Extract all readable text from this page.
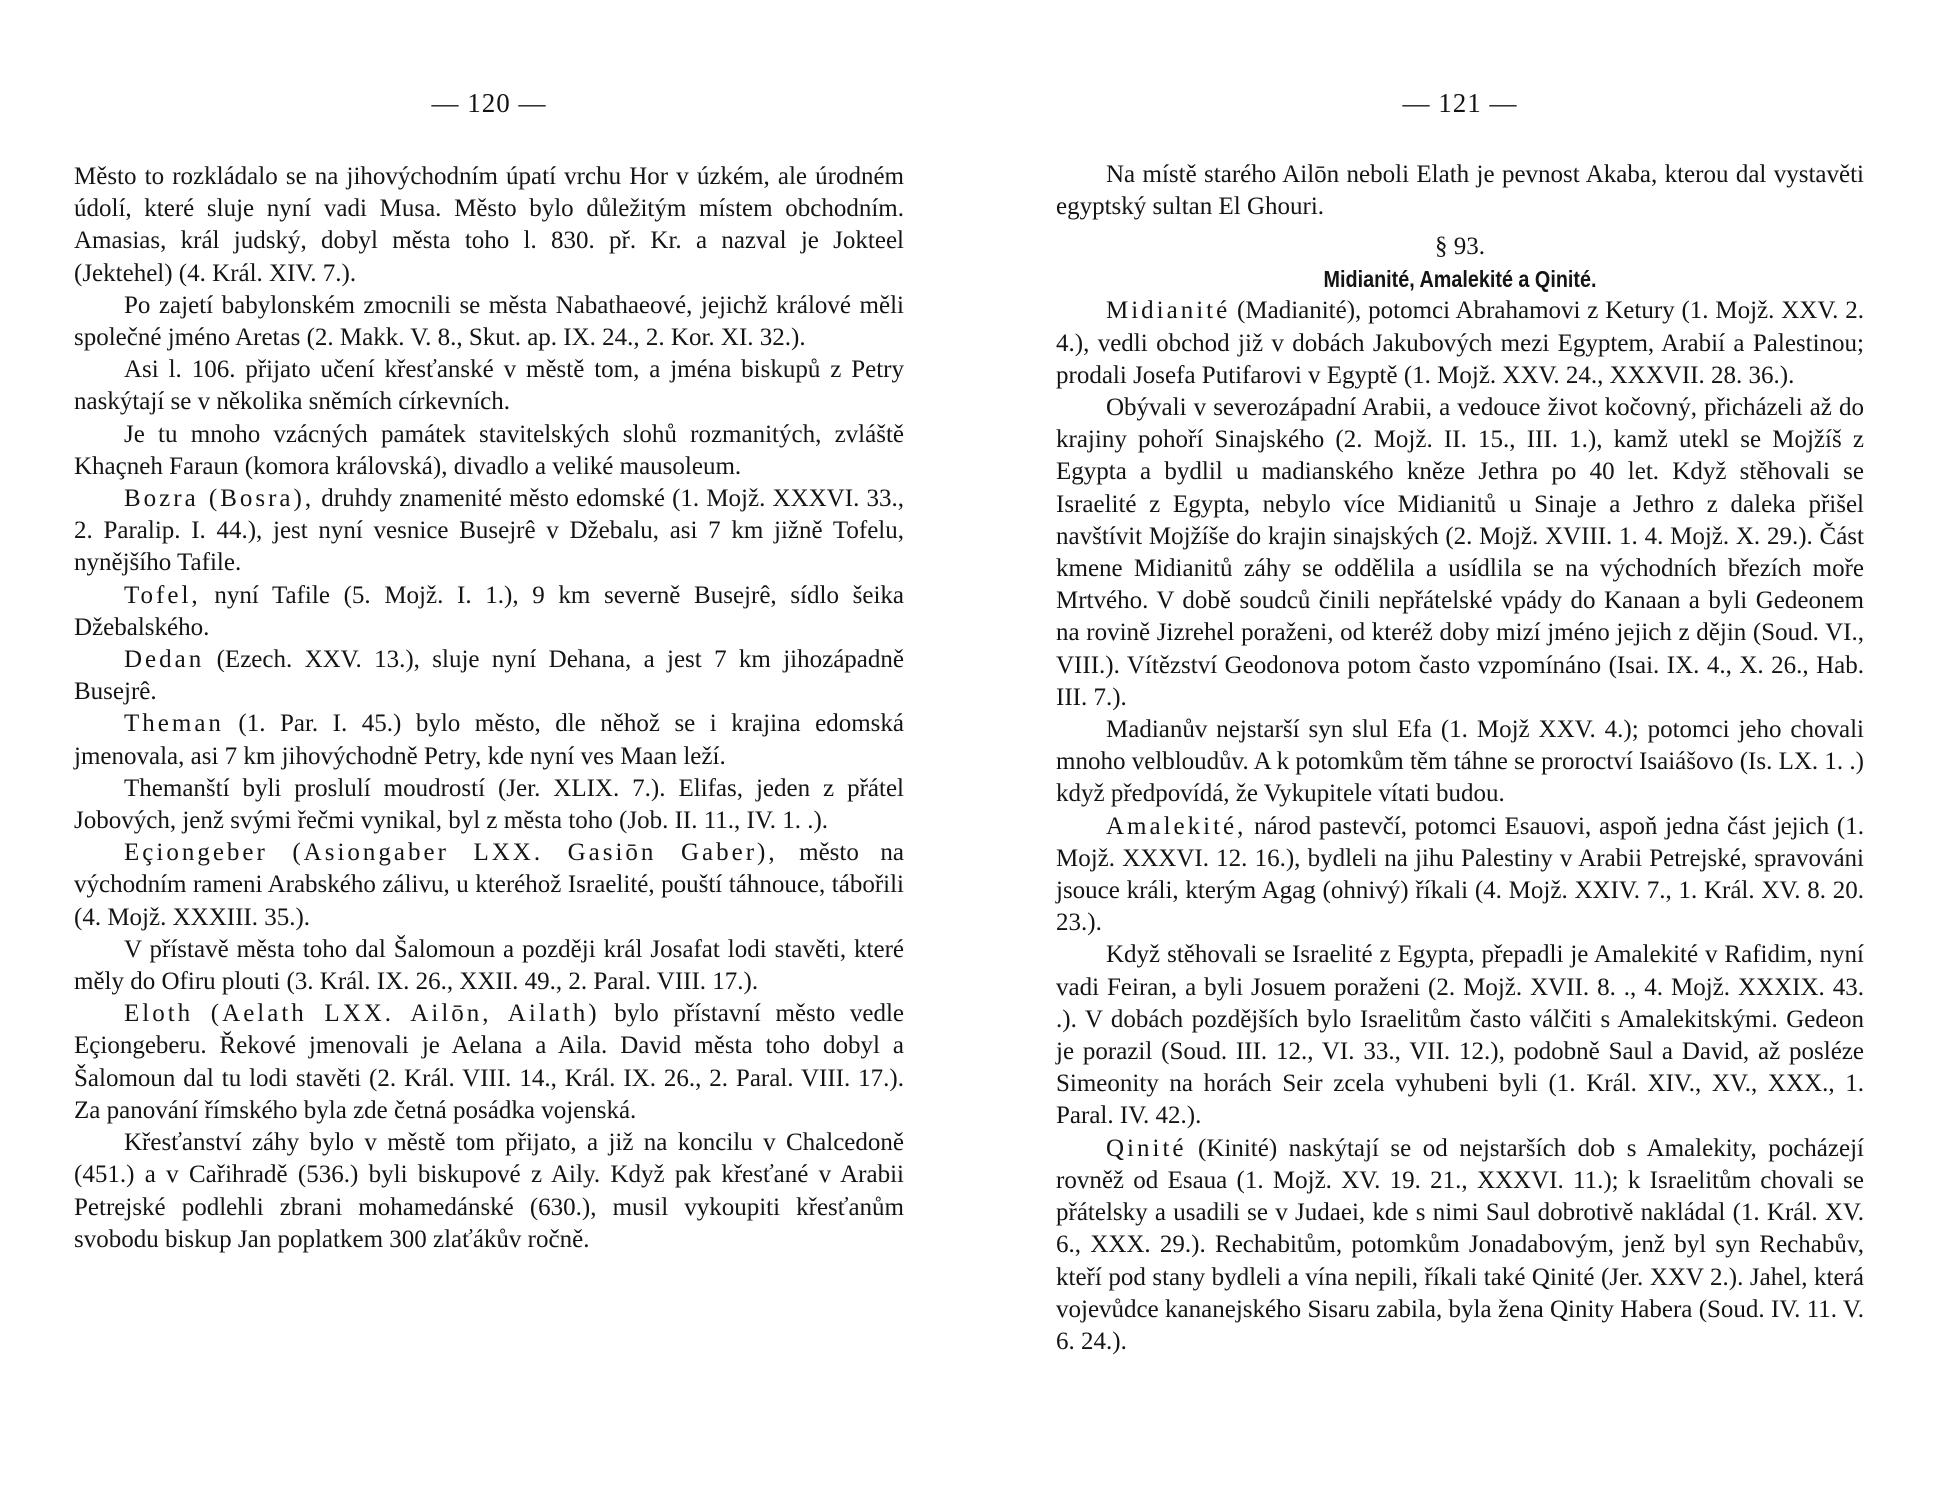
— 120 —

Město to rozkládalo se na jihovýchodním úpatí vrchu Hor v úzkém, ale úrodném údolí, které sluje nyní vadi Musa. Město bylo důležitým místem obchodním. Amasias, král judský, dobyl města toho l. 830. př. Kr. a nazval je Jokteel (Jektehel) (4. Král. XIV. 7.).

Po zajetí babylonském zmocnili se města Nabathaeové, jejichž králové měli společné jméno Aretas (2. Makk. V. 8., Skut. ap. IX. 24., 2. Kor. XI. 32.).

Asi l. 106. přijato učení křesťanské v městě tom, a jména biskupů z Petry naskýtají se v několika sněmích církevních.

Je tu mnoho vzácných památek stavitelských slohů rozmanitých, zvláště Khaçneh Faraun (komora královská), divadlo a veliké mausoleum.

Bozra (Bosra), druhdy znamenité město edomské (1. Mojž. XXXVI. 33., 2. Paralip. I. 44.), jest nyní vesnice Busejrê v Džebalu, asi 7 km jižně Tofelu, nynějšího Tafile.

Tofel, nyní Tafile (5. Mojž. I. 1.), 9 km severně Busejrê, sídlo šeika Džebalského.

Dedan (Ezech. XXV. 13.), sluje nyní Dehana, a jest 7 km jihozápadně Busejrê.

Theman (1. Par. I. 45.) bylo město, dle něhož se i krajina edomská jmenovala, asi 7 km jihovýchodně Petry, kde nyní ves Maan leží.

Themanští byli proslulí moudrostí (Jer. XLIX. 7.). Elifas, jeden z přátel Jobových, jenž svými řečmi vynikal, byl z města toho (Job. II. 11., IV. 1. .).

Eçiongeber (Asiongaber LXX. Gasiōn Gaber), město na východním rameni Arabského zálivu, u kteréhož Israelité, pouští táhnouce, tábořili (4. Mojž. XXXIII. 35.).

V přístavě města toho dal Šalomoun a později král Josafat lodi stavěti, které měly do Ofiru plouti (3. Král. IX. 26., XXII. 49., 2. Paral. VIII. 17.).

Eloth (Aelath LXX. Ailōn, Ailath) bylo přístavní město vedle Eçiongeberu. Řekové jmenovali je Aelana a Aila. David města toho dobyl a Šalomoun dal tu lodi stavěti (2. Král. VIII. 14., Král. IX. 26., 2. Paral. VIII. 17.). Za panování římského byla zde četná posádka vojenská.

Křesťanství záhy bylo v městě tom přijato, a již na koncilu v Chalcedoně (451.) a v Cařihradě (536.) byli biskupové z Aily. Když pak křesťané v Arabii Petrejské podlehli zbrani mohamedánské (630.), musil vykoupiti křesťanům svobodu biskup Jan poplatkem 300 zlaťákův ročně.

— 121 —

Na místě starého Ailōn neboli Elath je pevnost Akaba, kterou dal vystavěti egyptský sultan El Ghouri.

§ 93.
Midianité, Amalekité a Qinité.

Midianité (Madianité), potomci Abrahamovi z Ketury (1. Mojž. XXV. 2. 4.), vedli obchod již v dobách Jakubových mezi Egyptem, Arabií a Palestinou; prodali Josefa Putifarovi v Egyptě (1. Mojž. XXV. 24., XXXVII. 28. 36.).

Obývali v severozápadní Arabii, a vedouce život kočovný, přicházeli až do krajiny pohoří Sinajského (2. Mojž. II. 15., III. 1.), kamž utekl se Mojžíš z Egypta a bydlil u madianského kněze Jethra po 40 let. Když stěhovali se Israelité z Egypta, nebylo více Midianitů u Sinaje a Jethro z daleka přišel navštívit Mojžíše do krajin sinajských (2. Mojž. XVIII. 1. 4. Mojž. X. 29.). Část kmene Midianitů záhy se oddělila a usídlila se na východních březích moře Mrtvého. V době soudců činili nepřátelské vpády do Kanaan a byli Gedeonem na rovině Jizrehel poraženi, od kteréž doby mizí jméno jejich z dějin (Soud. VI., VIII.). Vítězství Geodonova potom často vzpomínáno (Isai. IX. 4., X. 26., Hab. III. 7.).

Madianův nejstarší syn slul Efa (1. Mojž XXV. 4.); potomci jeho chovali mnoho velbloudův. A k potomkům těm táhne se proroctví Isaiášovo (Is. LX. 1. .) když předpovídá, že Vykupitele vítati budou.

Amalekité, národ pastevčí, potomci Esauovi, aspoň jedna část jejich (1. Mojž. XXXVI. 12. 16.), bydleli na jihu Palestiny v Arabii Petrejské, spravováni jsouce králi, kterým Agag (ohnivý) říkali (4. Mojž. XXIV. 7., 1. Král. XV. 8. 20. 23.).

Když stěhovali se Israelité z Egypta, přepadli je Amalekité v Rafidim, nyní vadi Feiran, a byli Josuem poraženi (2. Mojž. XVII. 8. ., 4. Mojž. XXXIX. 43. .). V dobách pozdějších bylo Israelitům často válčiti s Amalekitskými. Gedeon je porazil (Soud. III. 12., VI. 33., VII. 12.), podobně Saul a David, až posléze Simeonity na horách Seir zcela vyhubeni byli (1. Král. XIV., XV., XXX., 1. Paral. IV. 42.).

Qinité (Kinité) naskýtají se od nejstarších dob s Amalekity, pocházejí rovněž od Esaua (1. Mojž. XV. 19. 21., XXXVI. 11.); k Israelitům chovali se přátelsky a usadili se v Judaei, kde s nimi Saul dobrotivě nakládal (1. Král. XV. 6., XXX. 29.). Rechabitům, potomkům Jonadabovým, jenž byl syn Rechabův, kteří pod stany bydleli a vína nepili, říkali také Qinité (Jer. XXV 2.). Jahel, která vojevůdce kananejského Sisaru zabila, byla žena Qinity Habera (Soud. IV. 11. V. 6. 24.).
